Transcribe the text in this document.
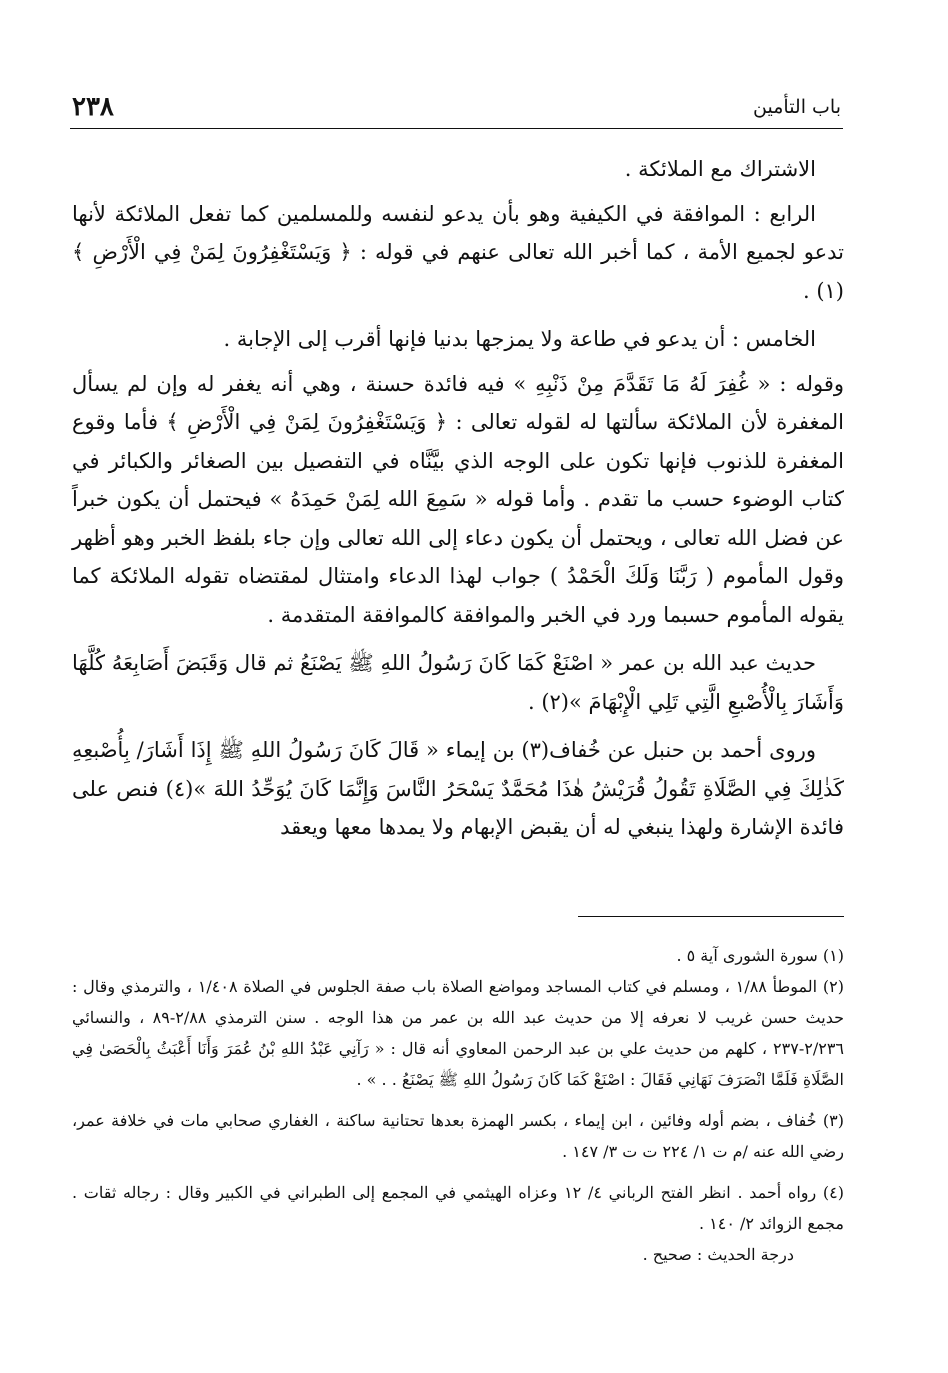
٢٣٨	باب التأمين

الاشتراك مع الملائكة .

الرابع : الموافقة في الكيفية وهو بأن يدعو لنفسه وللمسلمين كما تفعل الملائكة لأنها تدعو لجميع الأمة ، كما أخبر الله تعالى عنهم في قوله : ﴿ وَيَسْتَغْفِرُونَ لِمَنْ فِي الْأَرْضِ ﴾(١) .

الخامس : أن يدعو في طاعة ولا يمزجها بدنيا فإنها أقرب إلى الإجابة .

وقوله : « غُفِرَ لَهُ مَا تَقَدَّمَ مِنْ ذَنْبِهِ » فيه فائدة حسنة ، وهي أنه يغفر له وإن لم يسأل المغفرة لأن الملائكة سألتها له لقوله تعالى : ﴿ وَيَسْتَغْفِرُونَ لِمَنْ فِي الْأَرْضِ ﴾ فأما وقوع المغفرة للذنوب فإنها تكون على الوجه الذي بيَّنَّاه في التفصيل بين الصغائر والكبائر في كتاب الوضوء حسب ما تقدم . وأما قوله « سَمِعَ الله لِمَنْ حَمِدَهُ » فيحتمل أن يكون خبراً عن فضل الله تعالى ، ويحتمل أن يكون دعاء إلى الله تعالى وإن جاء بلفظ الخبر وهو أظهر وقول المأموم ( رَبَّنَا وَلَكَ الْحَمْدُ ) جواب لهذا الدعاء وامتثال لمقتضاه تقوله الملائكة كما يقوله المأموم حسبما ورد في الخبر والموافقة كالموافقة المتقدمة .

حديث عبد الله بن عمر « اصْنَعْ كَمَا كَانَ رَسُولُ اللهِ ﷺ يَصْنَعُ ثم قال وَقَبَضَ أَصَابِعَهُ كُلَّهَا وَأَشَارَ بِالْأُصْبعِ الَّتِي تَلِي الْإِبْهَامَ »(٢) .

وروى أحمد بن حنبل عن خُفاف(٣) بن إيماء « قَالَ كَانَ رَسُولُ اللهِ ﷺ إِذَا أَشَارَ/ بِأُصْبعِهِ كَذٰلِكَ فِي الصَّلَاةِ تَقُولُ قُرَيْشُ هٰذَا مُحَمَّدٌ يَسْحَرُ النَّاسَ وَإِنَّمَا كَانَ يُوَحِّدُ اللهَ »(٤) فنص على فائدة الإشارة ولهذا ينبغي له أن يقبض الإبهام ولا يمدها معها ويعقد

(١) سورة الشورى آية ٥ .

(٢) الموطأ ١/٨٨ ، ومسلم في كتاب المساجد ومواضع الصلاة باب صفة الجلوس في الصلاة ١/٤٠٨ ، والترمذي وقال : حديث حسن غريب لا نعرفه إلا من حديث عبد الله بن عمر من هذا الوجه . سنن الترمذي ٢/٨٨-٨٩ ، والنسائي ٢/٢٣٦-٢٣٧ ، كلهم من حديث علي بن عبد الرحمن المعاوي أنه قال : « رَآنِي عَبْدُ اللهِ بْنُ عُمَرَ وَأَنَا أَعْبَثُ بِالْحَصَىٰ فِي الصَّلَاةِ فَلَمَّا انْصَرَفَ نَهَانِي فَقَالَ : اصْنَعْ كَمَا كَانَ رَسُولُ اللهِ ﷺ يَصْنَعُ . . » .

(٣) خُفاف ، بضم أوله وفائين ، ابن إيماء ، بكسر الهمزة بعدها تحتانية ساكنة ، الغفاري صحابي مات في خلافة عمر، رضي الله عنه /م ت ١/ ٢٢٤ ت ت ٣/ ١٤٧ .

(٤) رواه أحمد . انظر الفتح الرباني ٤/ ١٢ وعزاه الهيثمي في المجمع إلى الطبراني في الكبير وقال : رجاله ثقات . مجمع الزوائد ٢/ ١٤٠ .

درجة الحديث : صحيح .
